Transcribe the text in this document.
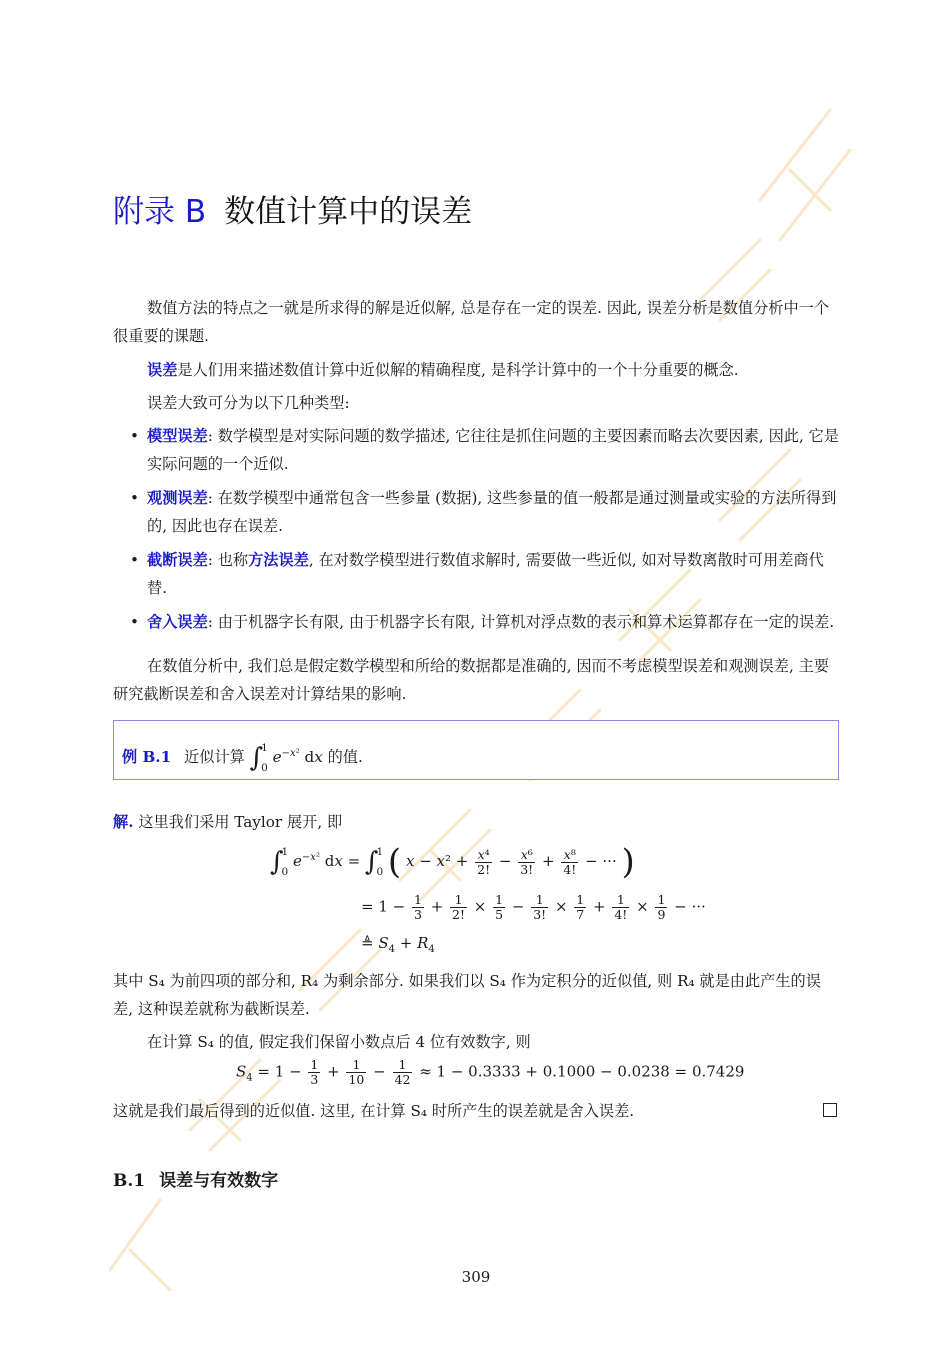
附录 B 数值计算中的误差

数值方法的特点之一就是所求得的解是近似解, 总是存在一定的误差. 因此, 误差分析是数值分析中一个很重要的课题.

误差是人们用来描述数值计算中近似解的精确程度, 是科学计算中的一个十分重要的概念.

误差大致可分为以下几种类型:

• 模型误差: 数学模型是对实际问题的数学描述, 它往往是抓住问题的主要因素而略去次要因素, 因此, 它是实际问题的一个近似.
• 观测误差: 在数学模型中通常包含一些参量 (数据), 这些参量的值一般都是通过测量或实验的方法所得到的, 因此也存在误差.
• 截断误差: 也称方法误差, 在对数学模型进行数值求解时, 需要做一些近似, 如对导数离散时可用差商代替.
• 舍入误差: 由于机器字长有限, 由于机器字长有限, 计算机对浮点数的表示和算术运算都存在一定的误差.

在数值分析中, 我们总是假定数学模型和所给的数据都是准确的, 因而不考虑模型误差和观测误差, 主要研究截断误差和舍入误差对计算结果的影响.

例 B.1 近似计算 ∫
1
0
$e^{-x^2}$ dx 的值.

解. 这里我们采用 Taylor 展开, 即

∫
1
0
$e^{-x^2}$ dx = ∫
1
0 ( $x - x^2 + \frac{\text{x⁴}}{2!} - \frac{\text{x⁶}}{3!} + \frac{\text{x⁸}}{4!}$ − ··· )
= $1 - \frac{1}{3} + \frac{1}{2!} \times \frac{1}{5} - \frac{1}{3!} \times \frac{1}{7} + \frac{1}{4!} \times \frac{1}{9}$ − ···
≜ $S_4 + R_4$

其中 S₄ 为前四项的部分和, R₄ 为剩余部分. 如果我们以 S₄ 作为定积分的近似值, 则 R₄ 就是由此产生的误差, 这种误差就称为截断误差.

在计算 S₄ 的值, 假定我们保留小数点后 4 位有效数字, 则

$S_4 = 1 - \frac{1}{3} + \frac{1}{10} - \frac{1}{42} \approx 1 - 0.3333 + 0.1000 - 0.0238 = 0.7429$

这就是我们最后得到的近似值. 这里, 在计算 S₄ 时所产生的误差就是舍入误差.

B.1 误差与有效数字
309
